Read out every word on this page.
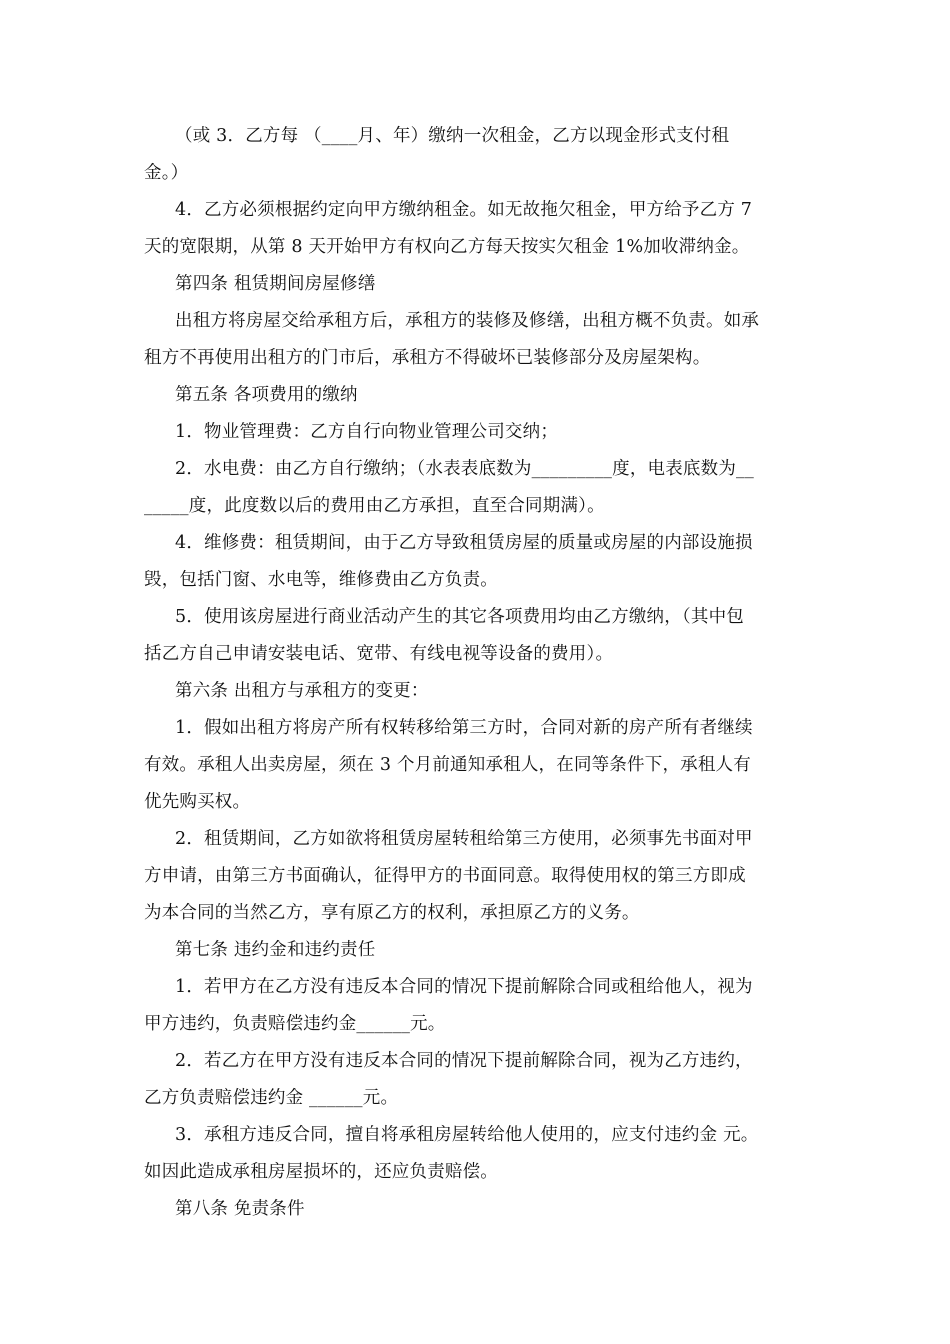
（或 3．乙方每 （____月、年）缴纳一次租金，乙方以现金形式支付租
金。）
4．乙方必须根据约定向甲方缴纳租金。如无故拖欠租金，甲方给予乙方 7
天的宽限期，从第 8 天开始甲方有权向乙方每天按实欠租金 1%加收滞纳金。
第四条 租赁期间房屋修缮
出租方将房屋交给承租方后，承租方的装修及修缮，出租方概不负责。如承
租方不再使用出租方的门市后，承租方不得破坏已装修部分及房屋架构。
第五条 各项费用的缴纳
1．物业管理费：乙方自行向物业管理公司交纳；
2．水电费：由乙方自行缴纳；（水表表底数为_________度，电表底数为__
_____度，此度数以后的费用由乙方承担，直至合同期满）。
4．维修费：租赁期间，由于乙方导致租赁房屋的质量或房屋的内部设施损
毁，包括门窗、水电等，维修费由乙方负责。
5．使用该房屋进行商业活动产生的其它各项费用均由乙方缴纳，（其中包
括乙方自己申请安装电话、宽带、有线电视等设备的费用）。
第六条 出租方与承租方的变更：
1．假如出租方将房产所有权转移给第三方时，合同对新的房产所有者继续
有效。承租人出卖房屋，须在 3 个月前通知承租人，在同等条件下，承租人有
优先购买权。
2．租赁期间，乙方如欲将租赁房屋转租给第三方使用，必须事先书面对甲
方申请，由第三方书面确认，征得甲方的书面同意。取得使用权的第三方即成
为本合同的当然乙方，享有原乙方的权利，承担原乙方的义务。
第七条 违约金和违约责任
1．若甲方在乙方没有违反本合同的情况下提前解除合同或租给他人，视为
甲方违约，负责赔偿违约金______元。
2．若乙方在甲方没有违反本合同的情况下提前解除合同，视为乙方违约，
乙方负责赔偿违约金 ______元。
3．承租方违反合同，擅自将承租房屋转给他人使用的，应支付违约金 元。
如因此造成承租房屋损坏的，还应负责赔偿。
第八条 免责条件
